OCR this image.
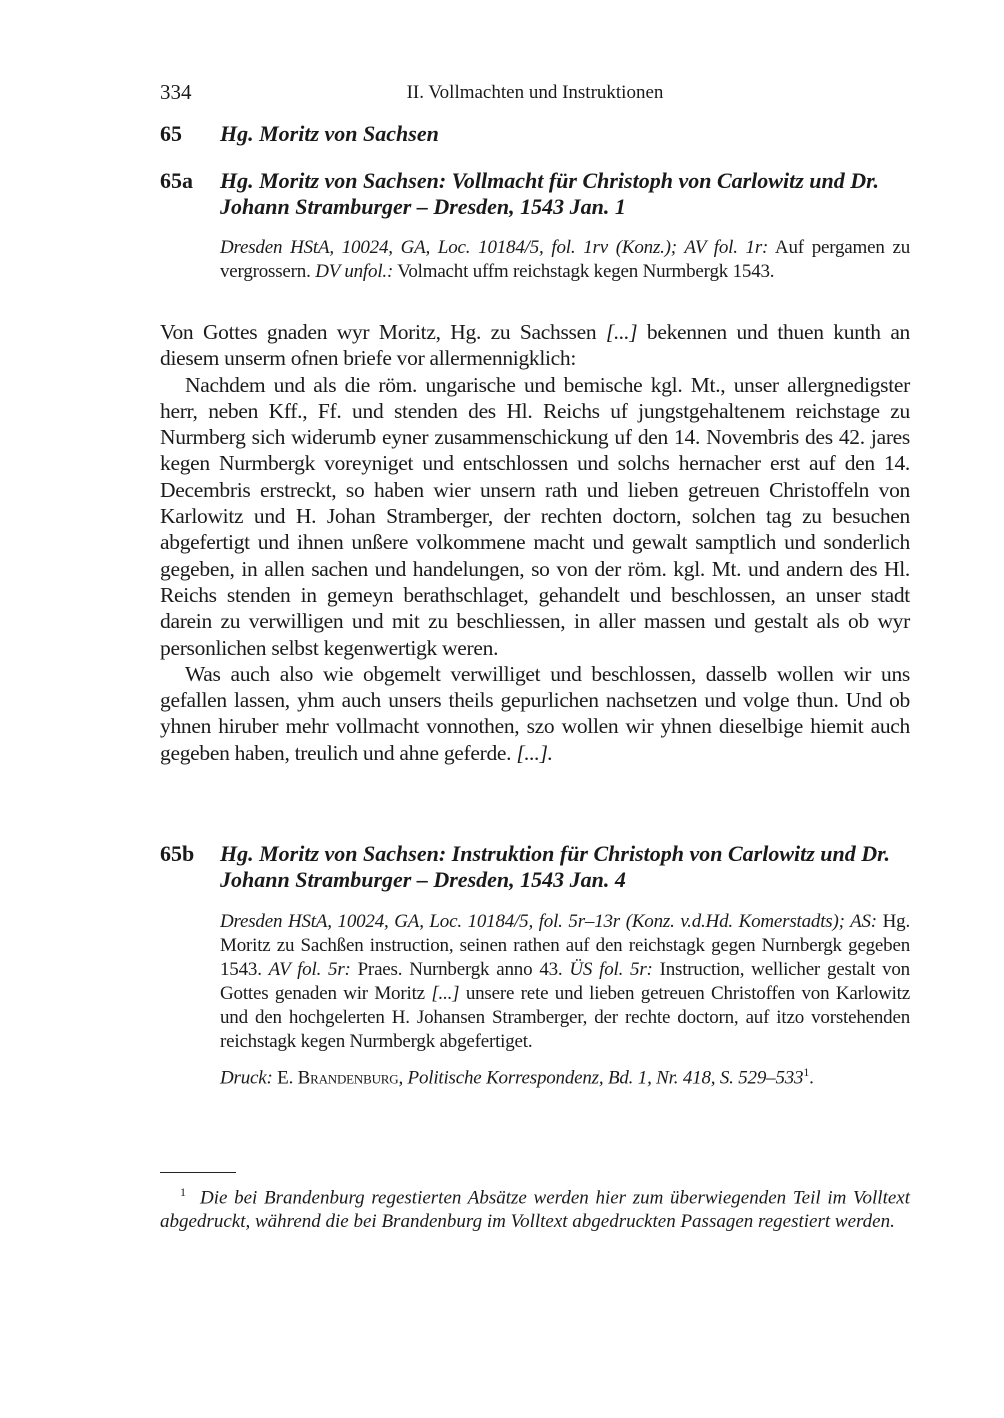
334	II. Vollmachten und Instruktionen
65 Hg. Moritz von Sachsen
65a Hg. Moritz von Sachsen: Vollmacht für Christoph von Carlowitz und Dr. Johann Stramburger – Dresden, 1543 Jan. 1
Dresden HStA, 10024, GA, Loc. 10184/5, fol. 1rv (Konz.); AV fol. 1r: Auf pergamen zu vergrossern. DV unfol.: Volmacht uffm reichstagk kegen Nurmbergk 1543.

Von Gottes gnaden wyr Moritz, Hg. zu Sachssen [...] bekennen und thuen kunth an diesem unserm ofnen briefe vor allermennigklich:

Nachdem und als die röm. ungarische und bemische kgl. Mt., unser allergnedigster herr, neben Kff., Ff. und stenden des Hl. Reichs uf jungstgehaltenem reichstage zu Nurmberg sich widerumb eyner zusammenschickung uf den 14. Novembris des 42. jares kegen Nurmbergk voreyniget und entschlossen und solchs hernacher erst auf den 14. Decembris erstreckt, so haben wier unsern rath und lieben getreuen Christoffeln von Karlowitz und H. Johan Stramberger, der rechten doctorn, solchen tag zu besuchen abgefertigt und ihnen unßere volkommene macht und gewalt samptlich und sonderlich gegeben, in allen sachen und handelungen, so von der röm. kgl. Mt. und andern des Hl. Reichs stenden in gemeyn berathschlaget, gehandelt und beschlossen, an unser stadt darein zu verwilligen und mit zu beschliessen, in aller massen und gestalt als ob wyr personlichen selbst kegenwertigk weren.

Was auch also wie obgemelt verwilliget und beschlossen, dasselb wollen wir uns gefallen lassen, yhm auch unsers theils gepurlichen nachsetzen und volge thun. Und ob yhnen hiruber mehr vollmacht vonnothen, szo wollen wir yhnen dieselbige hiemit auch gegeben haben, treulich und ahne geferde. [...].

65b Hg. Moritz von Sachsen: Instruktion für Christoph von Carlowitz und Dr. Johann Stramburger – Dresden, 1543 Jan. 4
Dresden HStA, 10024, GA, Loc. 10184/5, fol. 5r–13r (Konz. v.d.Hd. Komerstadts); AS: Hg. Moritz zu Sachßen instruction, seinen rathen auf den reichstagk gegen Nurnbergk gegeben 1543. AV fol. 5r: Praes. Nurnbergk anno 43. ÜS fol. 5r: Instruction, wellicher gestalt von Gottes genaden wir Moritz [...] unsere rete und lieben getreuen Christoffen von Karlowitz und den hochgelerten H. Johansen Stramberger, der rechte doctorn, auf itzo vorstehenden reichstagk kegen Nurmbergk abgefertiget.
Druck: E. Brandenburg, Politische Korrespondenz, Bd. 1, Nr. 418, S. $529-533^1$.
$^1$ Die bei Brandenburg regestierten Absätze werden hier zum überwiegenden Teil im Volltext abgedruckt, während die bei Brandenburg im Volltext abgedruckten Passagen regestiert werden.
